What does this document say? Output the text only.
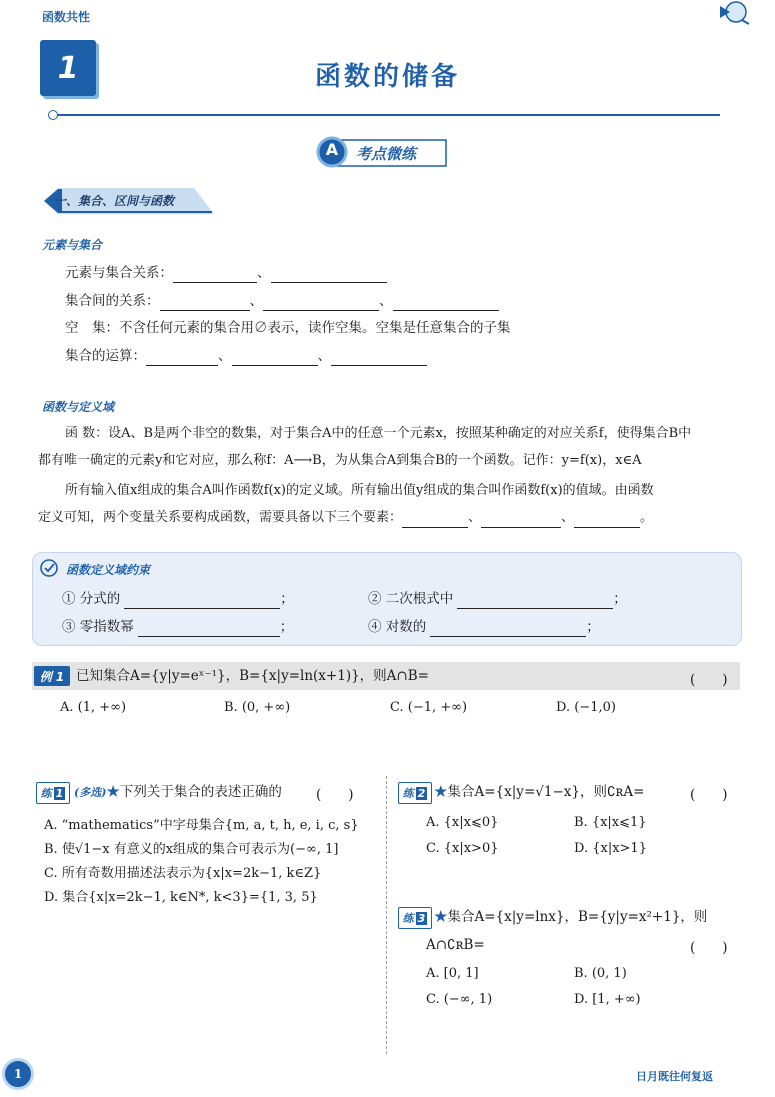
函数共性
1	函数的储备
A	考点微练
一、集合、区间与函数
元素与集合
元素与集合关系：	、
集合间的关系：	、	、
空　集：不含任何元素的集合用∅表示，读作空集。空集是任意集合的子集
集合的运算：	、	、
函数与定义域
函 数：设A、B是两个非空的数集，对于集合A中的任意一个元素x，按照某种确定的对应关系f，使得集合B中
都有唯一确定的元素y和它对应，那么称f：A⟶B，为从集合A到集合B的一个函数。记作：y=f(x)，x∈A
所有输入值x组成的集合A叫作函数f(x)的定义域。所有输出值y组成的集合叫作函数f(x)的值域。由函数
定义可知，两个变量关系要构成函数，需要具备以下三个要素：	、	、	。
函数定义域约束
① 分式的	；	② 二次根式中	；
③ 零指数幂	；	④ 对数的	；
例 1 已知集合A={y|y=eˣ⁻¹}，B={x|y=ln(x+1)}，则A∩B=	(　　)
A. (1, +∞)	B. (0, +∞)	C. (−1, +∞)	D. (−1,0)
练 1 (多选)★下列关于集合的表述正确的	(　　)
A. “mathematics”中字母集合{m, a, t, h, e, i, c, s}
B. 使√1−x 有意义的x组成的集合可表示为(−∞, 1]
C. 所有奇数用描述法表示为{x|x=2k−1, k∈Z}
D. 集合{x|x=2k−1, k∈N*, k<3}={1, 3, 5}
练 2 ★集合A={x|y=√1−x}，则∁ʀA=	(　　)
A. {x|x⩽0}	B. {x|x⩽1}
C. {x|x>0}	D. {x|x>1}
练 3 ★集合A={x|y=lnx}，B={y|y=x²+1}，则
A∩∁ʀB=	(　　)
A. [0, 1]	B. (0, 1)
C. (−∞, 1)	D. [1, +∞)
1	日月既往何复返
